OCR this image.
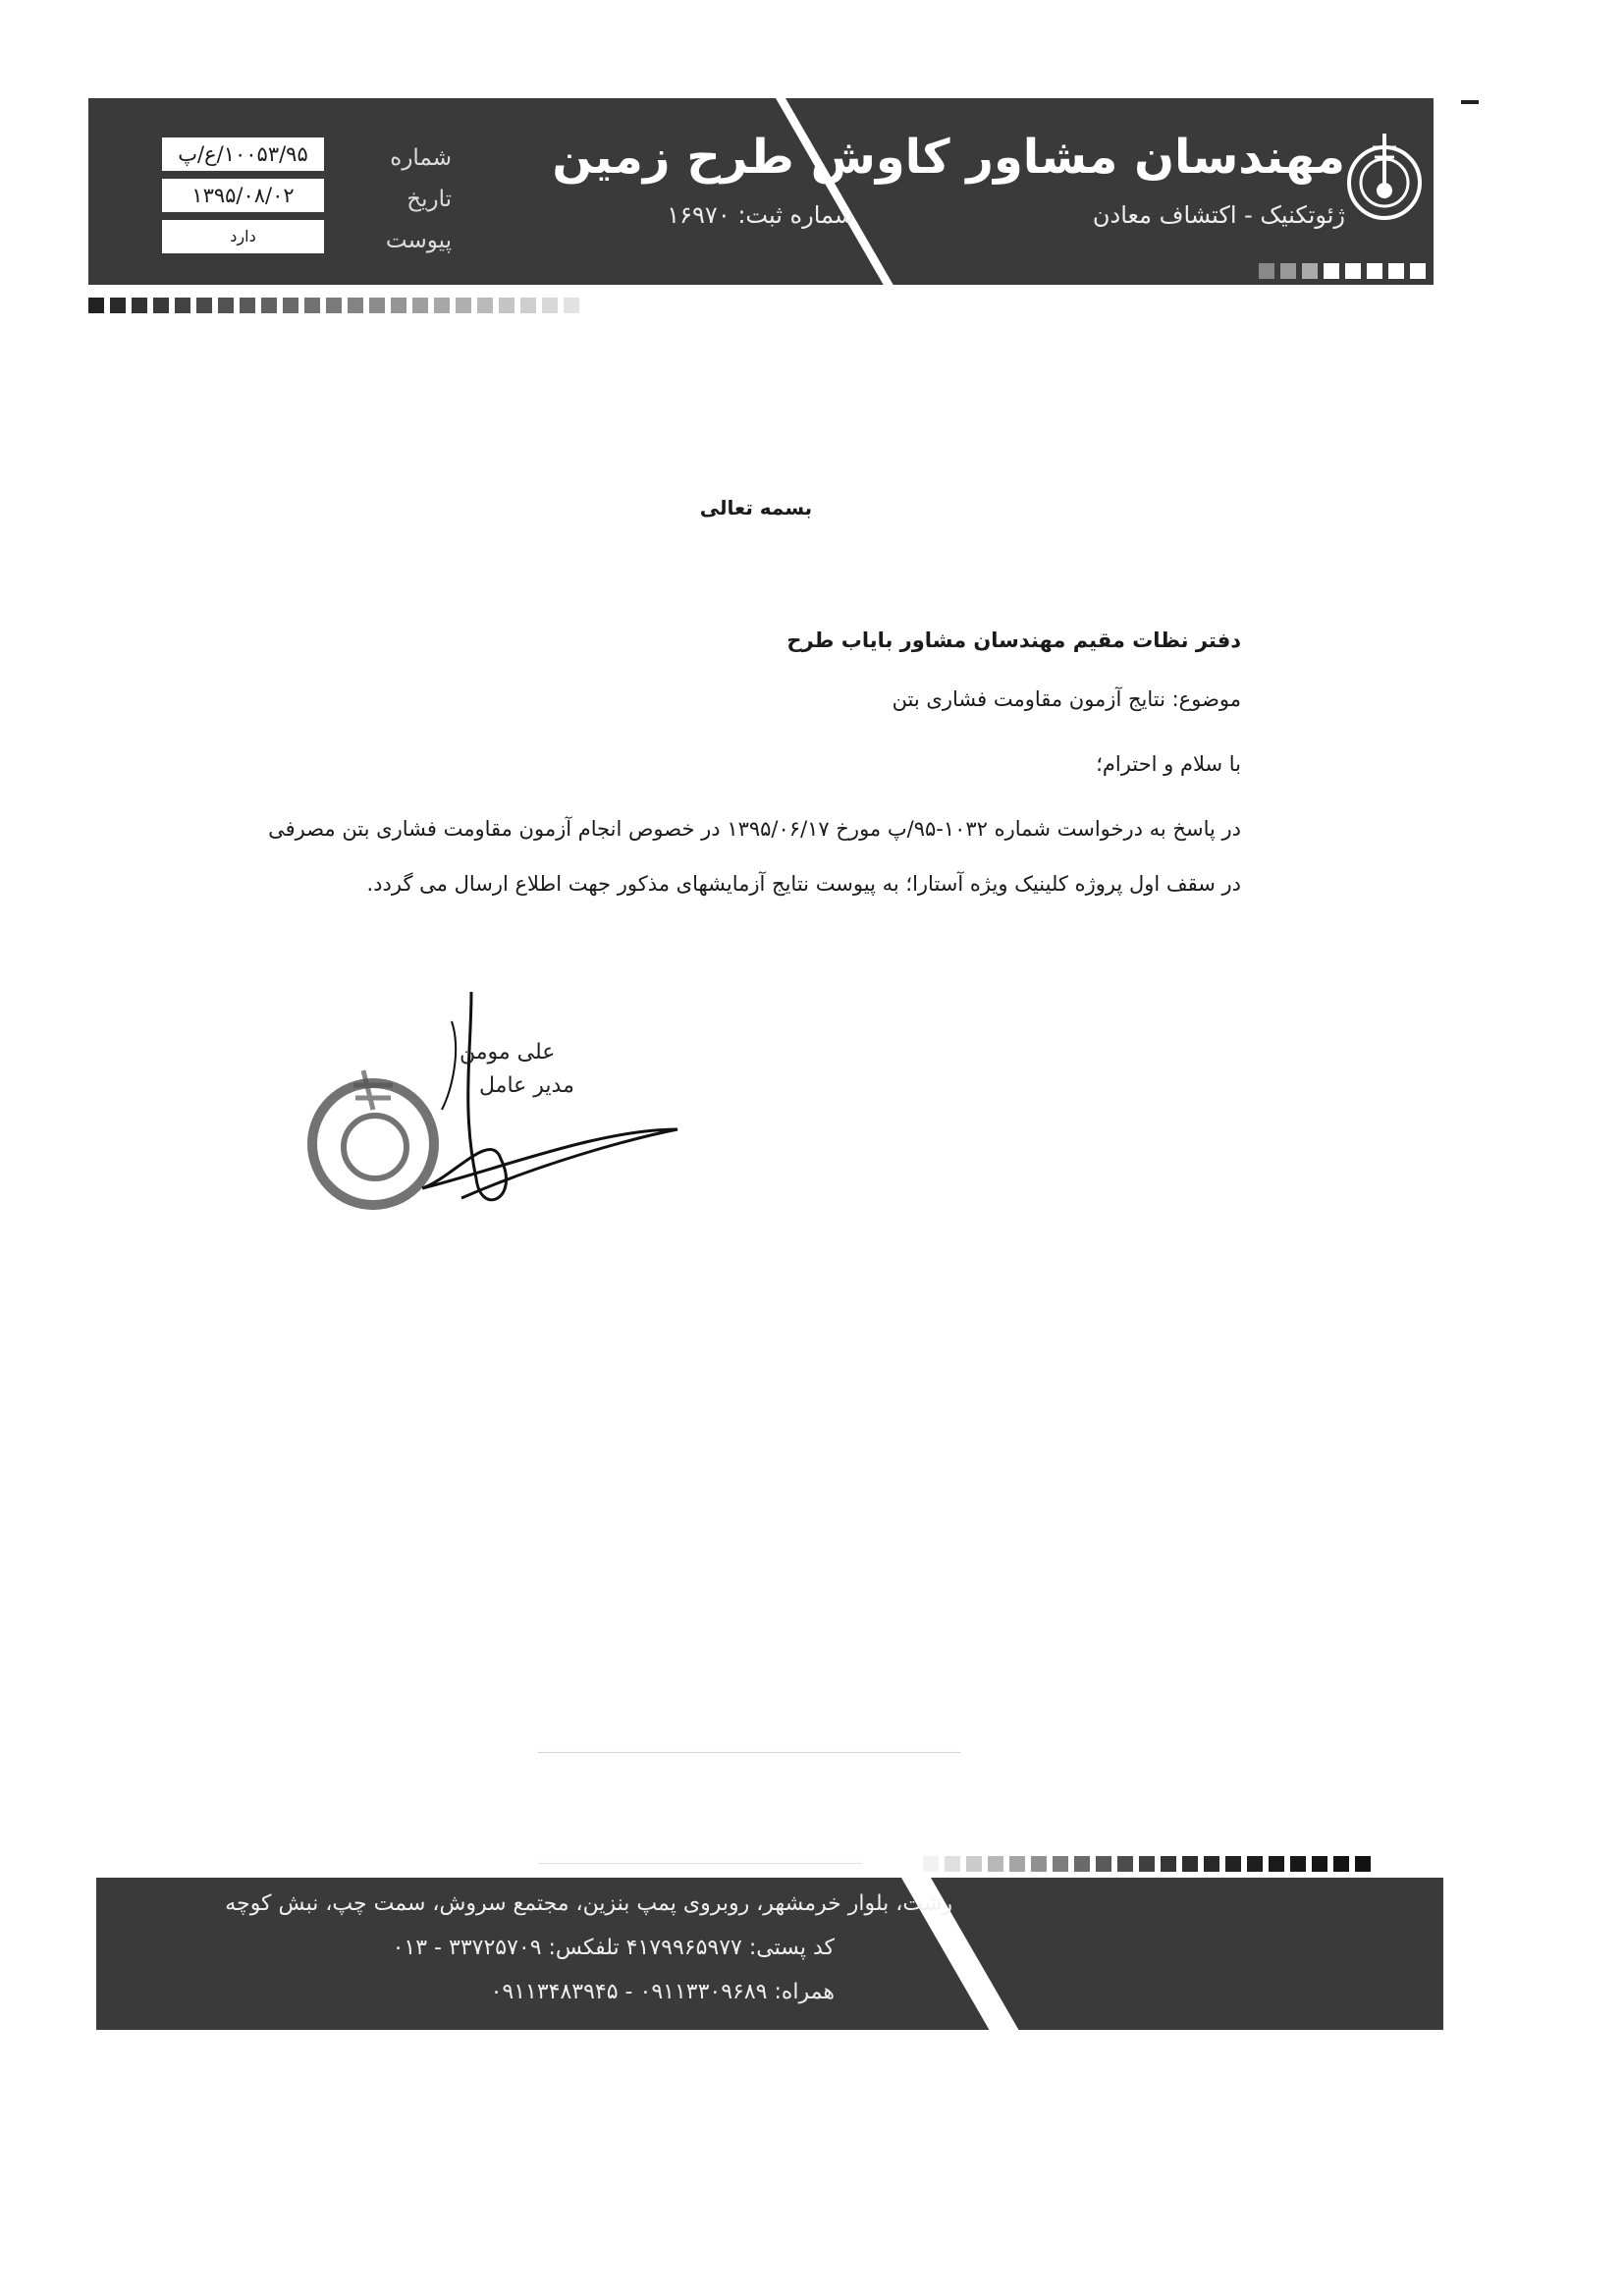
مهندسان مشاور کاوش طرح زمین
ژئوتکنیک - اکتشاف معادن
شماره ثبت: ۱۶۹۷۰
شماره
تاریخ
پیوست
۱۰۰۵۳/۹۵/ع/پ
۱۳۹۵/۰۸/۰۲
دارد
بسمه تعالی
دفتر نظات مقیم مهندسان مشاور بایاب طرح
موضوع: نتایج آزمون مقاومت فشاری بتن
با سلام و احترام؛
در پاسخ به درخواست شماره ۱۰۳۲-۹۵/پ مورخ ۱۳۹۵/۰۶/۱۷ در خصوص انجام آزمون مقاومت فشاری بتن مصرفی
در سقف اول پروژه کلینیک ویژه آستارا؛ به پیوست نتایج آزمایشهای مذکور جهت اطلاع ارسال می گردد.
علی مومن
مدیر عامل
رشت، بلوار خرمشهر، روبروی پمپ بنزین، مجتمع سروش، سمت چپ، نبش کوچه
کد پستی: ۴۱۷۹۹۶۵۹۷۷ تلفکس: ۳۳۷۲۵۷۰۹ - ۰۱۳
همراه: ۰۹۱۱۳۳۰۹۶۸۹ - ۰۹۱۱۳۴۸۳۹۴۵
